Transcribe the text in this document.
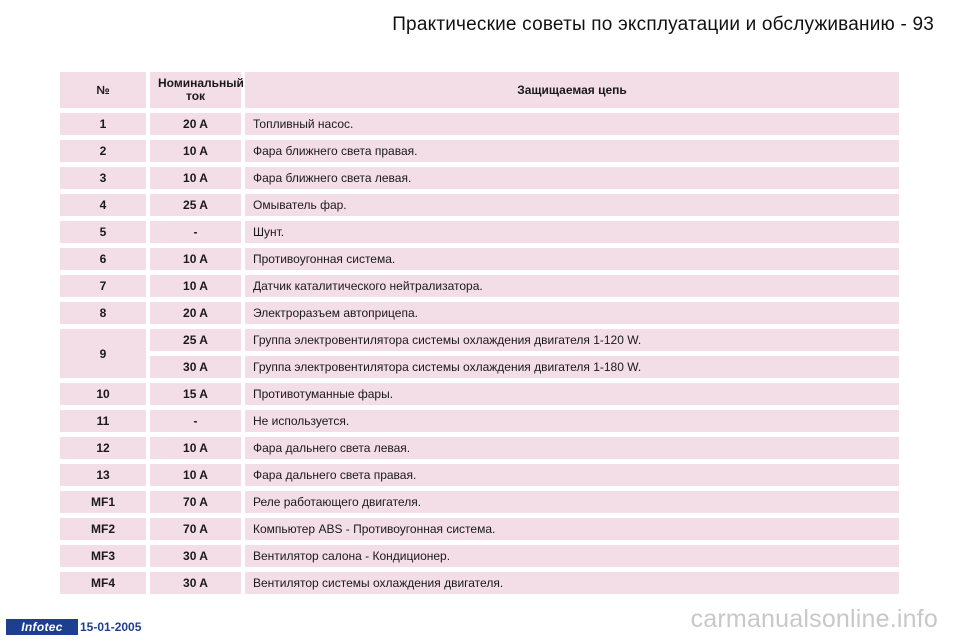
Практические советы по эксплуатации и обслуживанию - 93
№	Номинальный ток	Защищаемая цепь
1	20 A	Топливный насос.
2	10 A	Фара ближнего света правая.
3	10 A	Фара ближнего света левая.
4	25 A	Омыватель фар.
5	-	Шунт.
6	10 A	Противоугонная система.
7	10 A	Датчик каталитического нейтрализатора.
8	20 A	Электроразъем автоприцепа.
9	25 A	Группа электровентилятора системы охлаждения двигателя 1-120 W.
	30 A	Группа электровентилятора системы охлаждения двигателя 1-180 W.
10	15 A	Противотуманные фары.
11	-	Не используется.
12	10 A	Фара дальнего света левая.
13	10 A	Фара дальнего света правая.
MF1	70 A	Реле работающего двигателя.
MF2	70 A	Компьютер ABS - Противоугонная система.
MF3	30 A	Вентилятор салона - Кондиционер.
MF4	30 A	Вентилятор системы охлаждения двигателя.
Infotec	15-01-2005	carmanualsonline.info
